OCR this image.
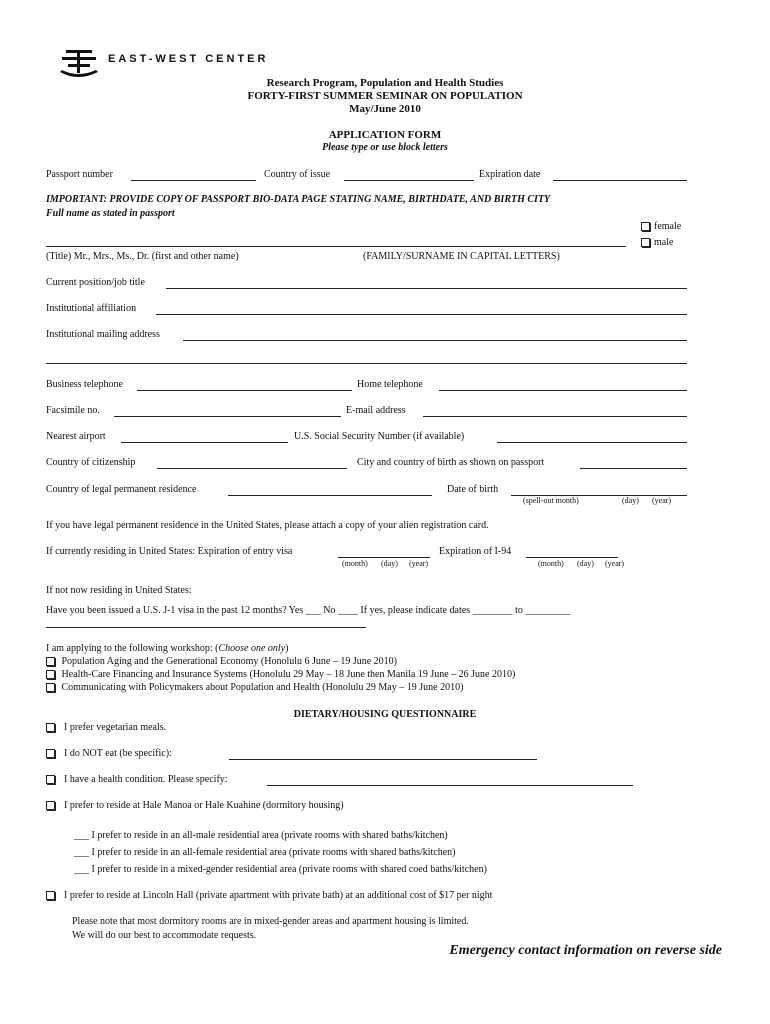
EAST-WEST CENTER
Research Program, Population and Health Studies
FORTY-FIRST SUMMER SEMINAR ON POPULATION
May/June 2010
APPLICATION FORM
Please type or use block letters
Passport number	Country of issue	Expiration date
IMPORTANT: PROVIDE COPY OF PASSPORT BIO-DATA PAGE STATING NAME, BIRTHDATE, AND BIRTH CITY
Full name as stated in passport
female
male
(Title) Mr., Mrs., Ms., Dr. (first and other name)	(FAMILY/SURNAME IN CAPITAL LETTERS)
Current position/job title
Institutional affiliation
Institutional mailing address
Business telephone	Home telephone
Facsimile no.	E-mail address
Nearest airport	U.S. Social Security Number (if available)
Country of citizenship	City and country of birth as shown on passport
Country of legal permanent residence	Date of birth
(spell-out month)	(day) (year)
If you have legal permanent residence in the United States, please attach a copy of your alien registration card.
If currently residing in United States: Expiration of entry visa
(month) (day) (year)
Expiration of I-94
(month) (day) (year)
If not now residing in United States:
Have you been issued a U.S. J-1 visa in the past 12 months? Yes ___ No ____ If yes, please indicate dates ________ to _________
I am applying to the following workshop: (Choose one only)
Population Aging and the Generational Economy (Honolulu 6 June – 19 June 2010)
Health-Care Financing and Insurance Systems (Honolulu 29 May – 18 June then Manila 19 June – 26 June 2010)
Communicating with Policymakers about Population and Health (Honolulu 29 May – 19 June 2010)
DIETARY/HOUSING QUESTIONNAIRE
I prefer vegetarian meals.
I do NOT eat (be specific):
I have a health condition. Please specify:
I prefer to reside at Hale Manoa or Hale Kuahine (dormitory housing)
___ I prefer to reside in an all-male residential area (private rooms with shared baths/kitchen)
___ I prefer to reside in an all-female residential area (private rooms with shared baths/kitchen)
___ I prefer to reside in a mixed-gender residential area (private rooms with shared coed baths/kitchen)
I prefer to reside at Lincoln Hall (private apartment with private bath) at an additional cost of $17 per night
Please note that most dormitory rooms are in mixed-gender areas and apartment housing is limited.
We will do our best to accommodate requests.
Emergency contact information on reverse side
